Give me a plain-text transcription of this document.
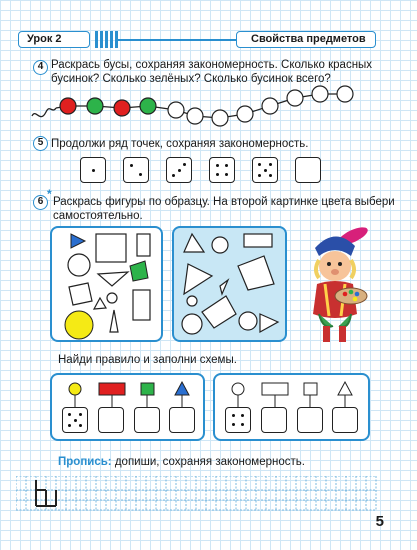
Урок 2	Свойства предметов
4 Раскрась бусы, сохраняя закономерность. Сколько красных
бусинок? Сколько зелёных? Сколько бусинок всего?
5 Продолжи ряд точек, сохраняя закономерность.
6
*
Раскрась фигуры по образцу. На второй картинке цвета выбери
самостоятельно.
Найди правило и заполни схемы.
Пропись: допиши, сохраняя закономерность.
5
